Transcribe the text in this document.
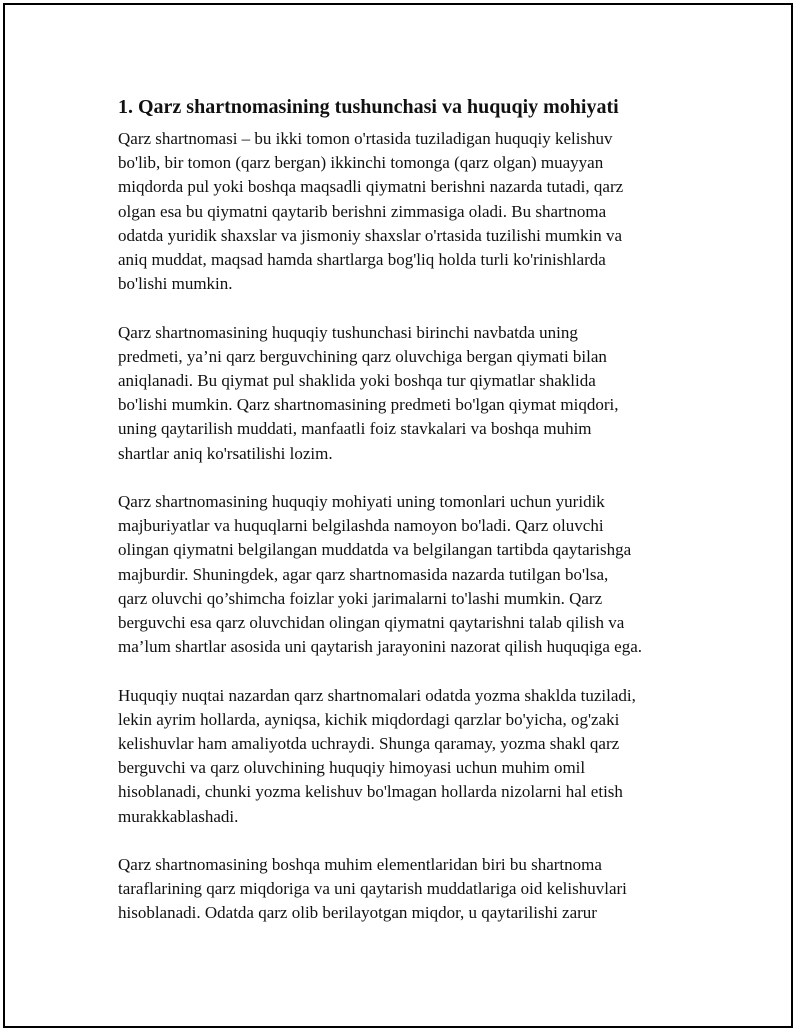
1. Qarz shartnomasining tushunchasi va huquqiy mohiyati
Qarz shartnomasi – bu ikki tomon o'rtasida tuziladigan huquqiy kelishuv
bo'lib, bir tomon (qarz bergan) ikkinchi tomonga (qarz olgan) muayyan
miqdorda pul yoki boshqa maqsadli qiymatni berishni nazarda tutadi, qarz
olgan esa bu qiymatni qaytarib berishni zimmasiga oladi. Bu shartnoma
odatda yuridik shaxslar va jismoniy shaxslar o'rtasida tuzilishi mumkin va
aniq muddat, maqsad hamda shartlarga bog'liq holda turli ko'rinishlarda
bo'lishi mumkin.
Qarz shartnomasining huquqiy tushunchasi birinchi navbatda uning
predmeti, ya’ni qarz berguvchining qarz oluvchiga bergan qiymati bilan
aniqlanadi. Bu qiymat pul shaklida yoki boshqa tur qiymatlar shaklida
bo'lishi mumkin. Qarz shartnomasining predmeti bo'lgan qiymat miqdori,
uning qaytarilish muddati, manfaatli foiz stavkalari va boshqa muhim
shartlar aniq ko'rsatilishi lozim.
Qarz shartnomasining huquqiy mohiyati uning tomonlari uchun yuridik
majburiyatlar va huquqlarni belgilashda namoyon bo'ladi. Qarz oluvchi
olingan qiymatni belgilangan muddatda va belgilangan tartibda qaytarishga
majburdir. Shuningdek, agar qarz shartnomasida nazarda tutilgan bo'lsa,
qarz oluvchi qo’shimcha foizlar yoki jarimalarni to'lashi mumkin. Qarz
berguvchi esa qarz oluvchidan olingan qiymatni qaytarishni talab qilish va
ma’lum shartlar asosida uni qaytarish jarayonini nazorat qilish huquqiga ega.
Huquqiy nuqtai nazardan qarz shartnomalari odatda yozma shaklda tuziladi,
lekin ayrim hollarda, ayniqsa, kichik miqdordagi qarzlar bo'yicha, og'zaki
kelishuvlar ham amaliyotda uchraydi. Shunga qaramay, yozma shakl qarz
berguvchi va qarz oluvchining huquqiy himoyasi uchun muhim omil
hisoblanadi, chunki yozma kelishuv bo'lmagan hollarda nizolarni hal etish
murakkablashadi.
Qarz shartnomasining boshqa muhim elementlaridan biri bu shartnoma
taraflarining qarz miqdoriga va uni qaytarish muddatlariga oid kelishuvlari
hisoblanadi. Odatda qarz olib berilayotgan miqdor, u qaytarilishi zarur
